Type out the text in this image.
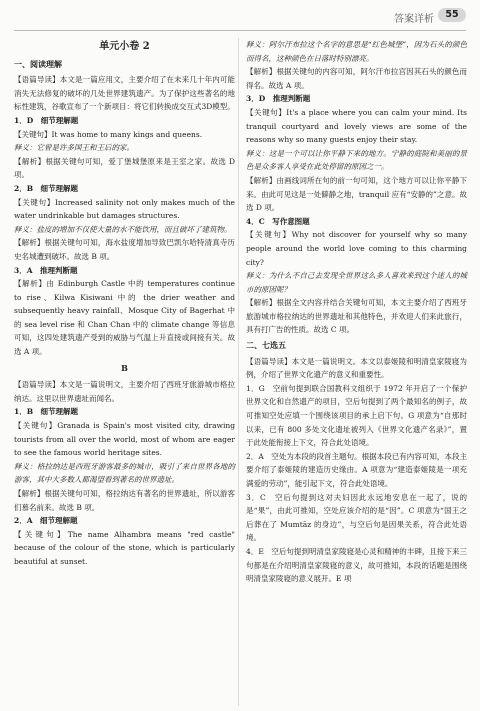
答案详析	55

单元小卷 2

一、阅读理解

【语篇导读】本文是一篇应用文，主要介绍了在未来几十年内可能消失无法修复的破坏的几处世界建筑遗产。为了保护这些著名的地标性建筑，谷歌宣布了一个新项目：将它们转换成交互式3D模型。

1．D　细节理解题

【关键句】It was home to many kings and queens.

释义：它曾是许多国王和王后的家。

【解析】根据关键句可知，爱丁堡城堡原来是王室之家。故选 D 项。

2．B　细节理解题

【关键句】Increased salinity not only makes much of the water undrinkable but damages structures.

释义：盐度的增加不仅使大量的水不能饮用，而且破坏了建筑物。

【解析】根据关键句可知，海水盐度增加导致巴凯尔哈特清真寺历史名城遭到破坏。故选 B 项。

3．A　推理判断题

【解析】由 Edinburgh Castle 中的 temperatures continue to rise、Kilwa Kisiwani 中的 the drier weather and subsequently heavy rainfall、Mosque City of Bagerhat 中的 sea level rise 和 Chan Chan 中的 climate change 等信息可知，这四处建筑遗产受到的威胁与气温上升直接或间接有关。故选 A 项。

B

【语篇导读】本文是一篇说明文，主要介绍了西班牙旅游城市格拉纳达。这里以世界遗址而闻名。

1．B　细节理解题

【关键句】Granada is Spain's most visited city, drawing tourists from all over the world, most of whom are eager to see the famous world heritage sites.

释义：格拉纳达是西班牙游客最多的城市，吸引了来自世界各地的游客，其中大多数人都渴望看到著名的世界遗址。

【解析】根据关键句可知，格拉纳达有著名的世界遗址，所以游客们慕名前来。故选 B 项。

2．A　细节理解题

【关键句】The name Alhambra means "red castle" because of the colour of the stone, which is particularly beautiful at sunset.

释义：阿尔汗布拉这个名字的意思是“红色城堡”，因为石头的颜色而得名，这种颜色在日落时特别漂亮。

【解析】根据关键句的内容可知，阿尔汗布拉宫因其石头的颜色而得名。故选 A 项。

3．D　推理判断题

【关键句】It's a place where you can calm your mind. Its tranquil courtyard and lovely views are some of the reasons why so many guests enjoy their stay.

释义：这是一个可以让你平静下来的地方。宁静的庭院和美丽的景色是众多客人享受在此处停留的原因之一。

【解析】由画线词所在句的前一句可知，这个地方可以让你平静下来。由此可见这是一处僻静之地，tranquil 应有“安静的”之意。故选 D 项。

4．C　写作意图题

【关键句】Why not discover for yourself why so many people around the world love coming to this charming city?

释义：为什么不自己去发现全世界这么多人喜欢来到这个迷人的城市的原因呢？

【解析】根据全文内容并结合关键句可知，本文主要介绍了西班牙旅游城市格拉纳达的世界遗址和其他特色，并欢迎人们来此旅行，具有打广告的性质。故选 C 项。

二、七选五

【语篇导读】本文是一篇说明文。本文以泰姬陵和明清皇家陵寝为例，介绍了世界文化遗产的意义和重要性。

1．G　空前句提到联合国教科文组织于 1972 年开启了一个保护世界文化和自然遗产的项目，空后句提到了两个最知名的例子，故可推知空处应填一个围绕该项目的承上启下句。G 项意为“自那时以来，已有 800 多处文化遗址被列入《世界文化遗产名录》”，置于此处能衔接上下文，符合此处语境。

2．A　空处为本段的段首主题句。根据本段已有内容可知，本段主要介绍了泰姬陵的建造历史缘由。A 项意为“建造泰姬陵是一项充满爱的劳动”，能引起下文，符合此处语境。

3．C　空后句提到这对夫妇因此永远地安息在一起了，说的是“果”，由此可推知，空处应该介绍的是“因”。C 项意为“国王之后葬在了 Mumtāz 的身边”，与空后句是因果关系，符合此处语境。

4．E　空后句提到明清皇家陵寝是心灵和精神的丰碑，且接下来三句都是在介绍明清皇家陵寝的意义，故可推知，本段的话题是围绕明清皇家陵寝的意义展开。E 项
